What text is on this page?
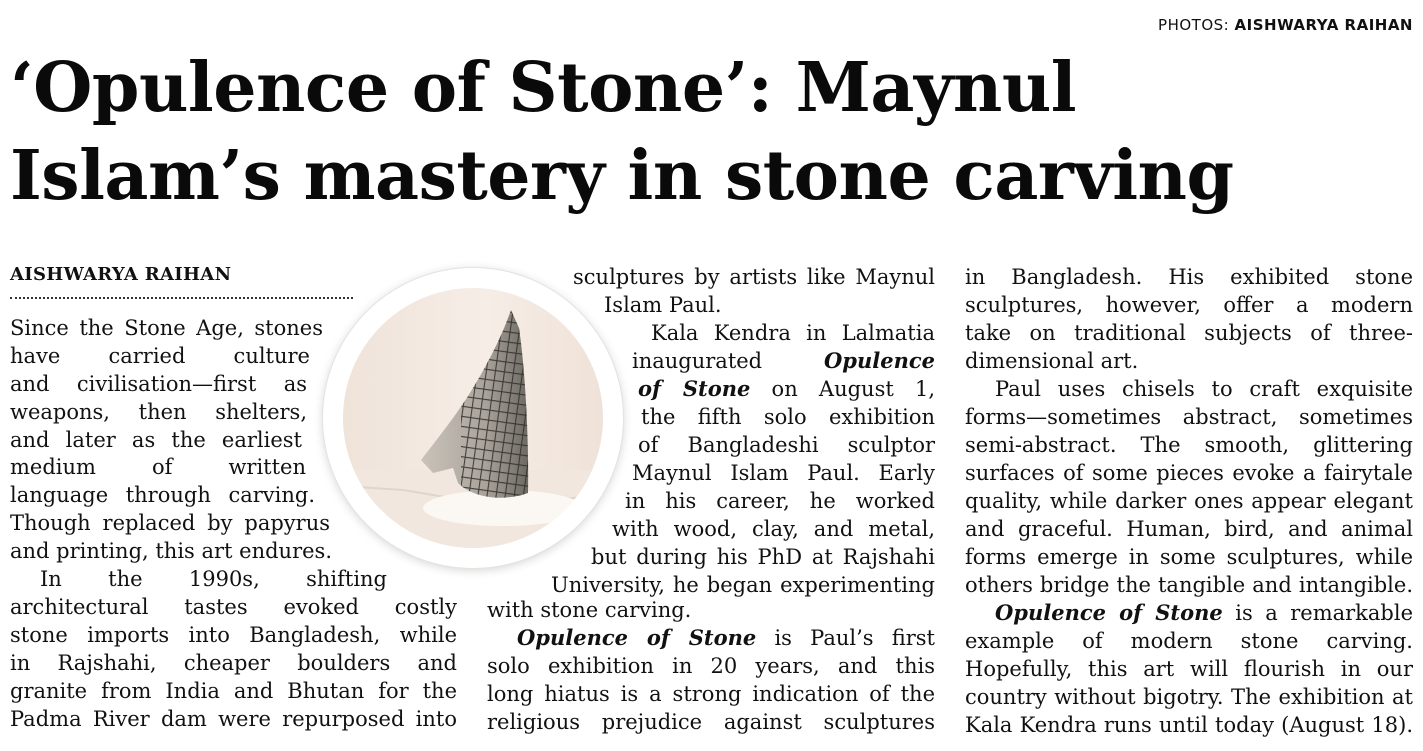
PHOTOS: AISHWARYA RAIHAN
‘Opulence of Stone’: Maynul
Islam’s mastery in stone carving
AISHWARYA RAIHAN
Since the Stone Age, stones
have carried culture
and civilisation—first as
weapons, then shelters,
and later as the earliest
medium of written
language through carving.
Though replaced by papyrus
and printing, this art endures.
In the 1990s, shifting
architectural tastes evoked costly
stone imports into Bangladesh, while
in Rajshahi, cheaper boulders and
granite from India and Bhutan for the
Padma River dam were repurposed into
sculptures by artists like Maynul
Islam Paul.
Kala Kendra in Lalmatia
inaugurated Opulence
of Stone on August 1,
the fifth solo exhibition
of Bangladeshi sculptor
Maynul Islam Paul. Early
in his career, he worked
with wood, clay, and metal,
but during his PhD at Rajshahi
University, he began experimenting
with stone carving.
Opulence of Stone is Paul’s first
solo exhibition in 20 years, and this
long hiatus is a strong indication of the
religious prejudice against sculptures
in Bangladesh. His exhibited stone
sculptures, however, offer a modern
take on traditional subjects of three-
dimensional art.
Paul uses chisels to craft exquisite
forms—sometimes abstract, sometimes
semi-abstract. The smooth, glittering
surfaces of some pieces evoke a fairytale
quality, while darker ones appear elegant
and graceful. Human, bird, and animal
forms emerge in some sculptures, while
others bridge the tangible and intangible.
Opulence of Stone is a remarkable
example of modern stone carving.
Hopefully, this art will flourish in our
country without bigotry. The exhibition at
Kala Kendra runs until today (August 18).
